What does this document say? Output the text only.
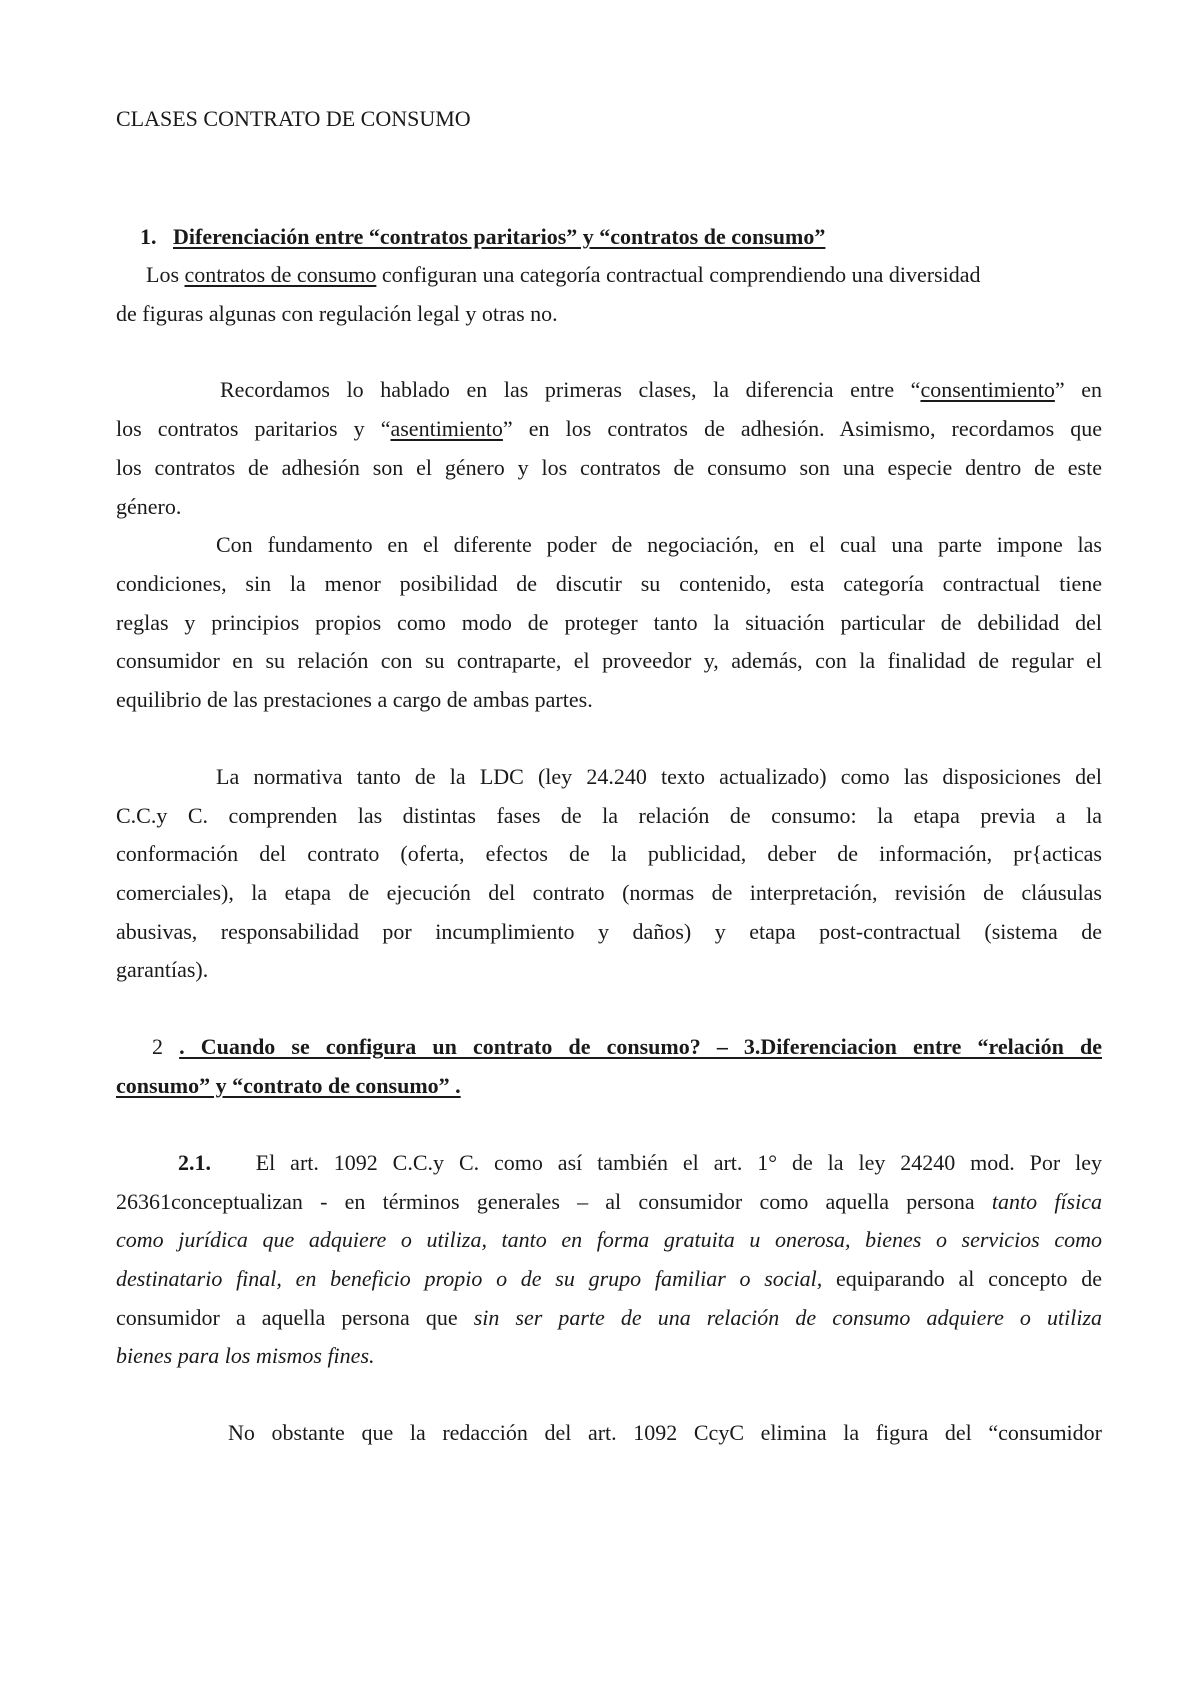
CLASES CONTRATO DE CONSUMO
1. Diferenciación entre “contratos paritarios” y “contratos de consumo”
Los contratos de consumo configuran una categoría contractual comprendiendo una diversidad
de figuras algunas con regulación legal y otras no.
Recordamos lo hablado en las primeras clases, la diferencia entre “consentimiento” en
los contratos paritarios y “asentimiento” en los contratos de adhesión. Asimismo, recordamos que
los contratos de adhesión son el género y los contratos de consumo son una especie dentro de este
género.
Con fundamento en el diferente poder de negociación, en el cual una parte impone las
condiciones, sin la menor posibilidad de discutir su contenido, esta categoría contractual tiene
reglas y principios propios como modo de proteger tanto la situación particular de debilidad del
consumidor en su relación con su contraparte, el proveedor y, además, con la finalidad de regular el
equilibrio de las prestaciones a cargo de ambas partes.
La normativa tanto de la LDC (ley 24.240 texto actualizado) como las disposiciones del
C.C.y C. comprenden las distintas fases de la relación de consumo: la etapa previa a la
conformación del contrato (oferta, efectos de la publicidad, deber de información, pr{acticas
comerciales), la etapa de ejecución del contrato (normas de interpretación, revisión de cláusulas
abusivas, responsabilidad por incumplimiento y daños) y etapa post-contractual (sistema de
garantías).
2 . Cuando se configura un contrato de consumo? – 3.Diferenciacion entre “relación de
consumo” y “contrato de consumo” .
2.1. El art. 1092 C.C.y C. como así también el art. 1° de la ley 24240 mod. Por ley
26361conceptualizan - en términos generales – al consumidor como aquella persona tanto física
como jurídica que adquiere o utiliza, tanto en forma gratuita u onerosa, bienes o servicios como
destinatario final, en beneficio propio o de su grupo familiar o social, equiparando al concepto de
consumidor a aquella persona que sin ser parte de una relación de consumo adquiere o utiliza
bienes para los mismos fines.
No obstante que la redacción del art. 1092 CcyC elimina la figura del “consumidor
